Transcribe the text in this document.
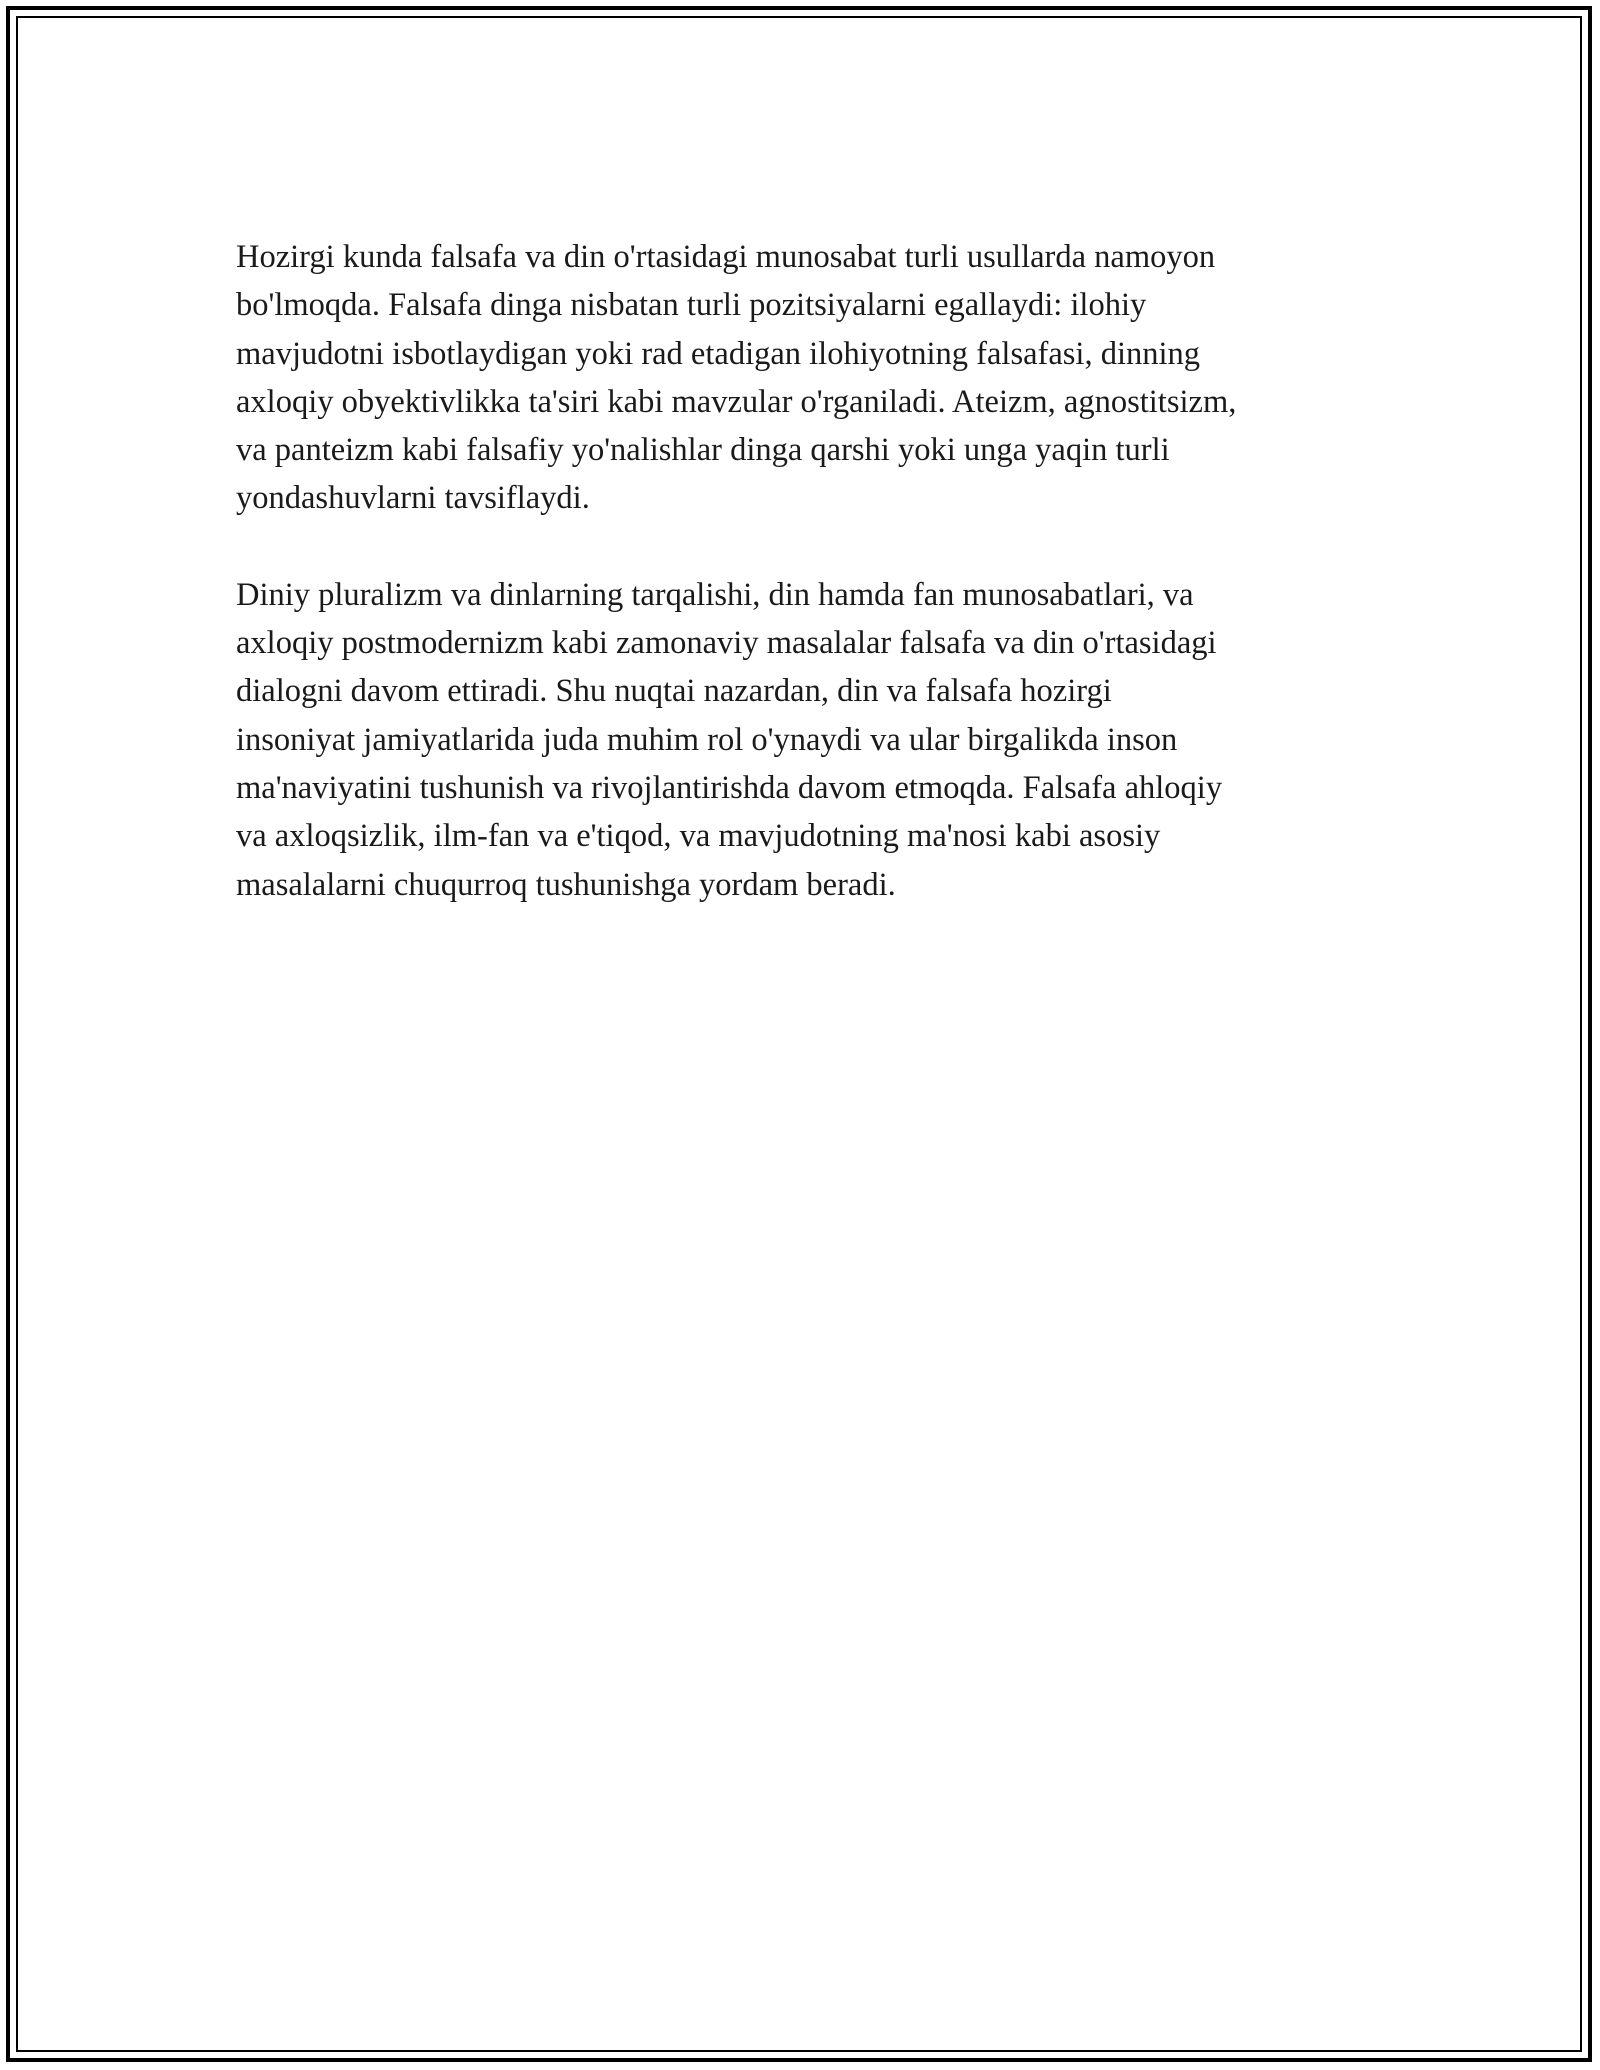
Hozirgi kunda falsafa va din o'rtasidagi munosabat turli usullarda namoyon
bo'lmoqda. Falsafa dinga nisbatan turli pozitsiyalarni egallaydi: ilohiy
mavjudotni isbotlaydigan yoki rad etadigan ilohiyotning falsafasi, dinning
axloqiy obyektivlikka ta'siri kabi mavzular o'rganiladi. Ateizm, agnostitsizm,
va panteizm kabi falsafiy yo'nalishlar dinga qarshi yoki unga yaqin turli
yondashuvlarni tavsiflaydi.

Diniy pluralizm va dinlarning tarqalishi, din hamda fan munosabatlari, va
axloqiy postmodernizm kabi zamonaviy masalalar falsafa va din o'rtasidagi
dialogni davom ettiradi. Shu nuqtai nazardan, din va falsafa hozirgi
insoniyat jamiyatlarida juda muhim rol o'ynaydi va ular birgalikda inson
ma'naviyatini tushunish va rivojlantirishda davom etmoqda. Falsafa ahloqiy
va axloqsizlik, ilm-fan va e'tiqod, va mavjudotning ma'nosi kabi asosiy
masalalarni chuqurroq tushunishga yordam beradi.
